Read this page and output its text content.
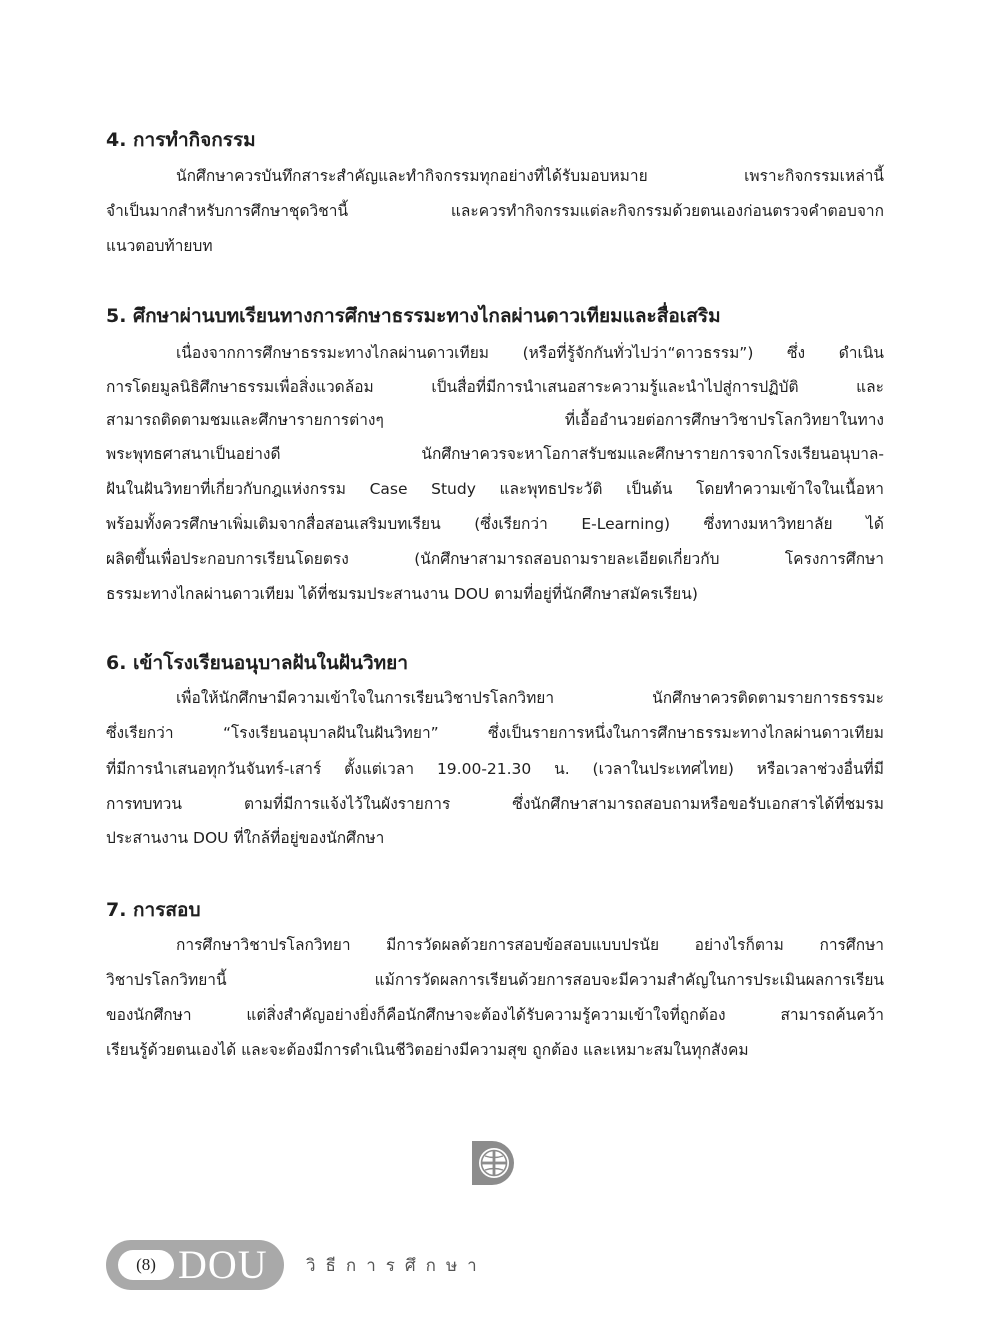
4. การทำกิจกรรม
นักศึกษาควรบันทึกสาระสำคัญและทำกิจกรรมทุกอย่างที่ได้รับมอบหมาย เพราะกิจกรรมเหล่านี้
จำเป็นมากสำหรับการศึกษาชุดวิชานี้ และควรทำกิจกรรมแต่ละกิจกรรมด้วยตนเองก่อนตรวจคำตอบจาก
แนวตอบท้ายบท
5. ศึกษาผ่านบทเรียนทางการศึกษาธรรมะทางไกลผ่านดาวเทียมและสื่อเสริม
เนื่องจากการศึกษาธรรมะทางไกลผ่านดาวเทียม (หรือที่รู้จักกันทั่วไปว่า“ดาวธรรม”) ซึ่ง ดำเนิน
การโดยมูลนิธิศึกษาธรรมเพื่อสิ่งแวดล้อม เป็นสื่อที่มีการนำเสนอสาระความรู้และนำไปสู่การปฏิบัติ และ
สามารถติดตามชมและศึกษารายการต่างๆ ที่เอื้ออำนวยต่อการศึกษาวิชาปรโลกวิทยาในทาง
พระพุทธศาสนาเป็นอย่างดี นักศึกษาควรจะหาโอกาสรับชมและศึกษารายการจากโรงเรียนอนุบาล-
ฝันในฝันวิทยาที่เกี่ยวกับกฎแห่งกรรม Case Study และพุทธประวัติ เป็นต้น โดยทำความเข้าใจในเนื้อหา
พร้อมทั้งควรศึกษาเพิ่มเติมจากสื่อสอนเสริมบทเรียน (ซึ่งเรียกว่า E-Learning) ซึ่งทางมหาวิทยาลัย ได้
ผลิตขึ้นเพื่อประกอบการเรียนโดยตรง (นักศึกษาสามารถสอบถามรายละเอียดเกี่ยวกับ โครงการศึกษา
ธรรมะทางไกลผ่านดาวเทียม ได้ที่ชมรมประสานงาน DOU ตามที่อยู่ที่นักศึกษาสมัครเรียน)
6. เข้าโรงเรียนอนุบาลฝันในฝันวิทยา
เพื่อให้นักศึกษามีความเข้าใจในการเรียนวิชาปรโลกวิทยา นักศึกษาควรติดตามรายการธรรมะ
ซึ่งเรียกว่า “โรงเรียนอนุบาลฝันในฝันวิทยา” ซึ่งเป็นรายการหนึ่งในการศึกษาธรรมะทางไกลผ่านดาวเทียม
ที่มีการนำเสนอทุกวันจันทร์-เสาร์ ตั้งแต่เวลา 19.00-21.30 น. (เวลาในประเทศไทย) หรือเวลาช่วงอื่นที่มี
การทบทวน ตามที่มีการแจ้งไว้ในผังรายการ ซึ่งนักศึกษาสามารถสอบถามหรือขอรับเอกสารได้ที่ชมรม
ประสานงาน DOU ที่ใกล้ที่อยู่ของนักศึกษา
7. การสอบ
การศึกษาวิชาปรโลกวิทยา มีการวัดผลด้วยการสอบข้อสอบแบบปรนัย อย่างไรก็ตาม การศึกษา
วิชาปรโลกวิทยานี้ แม้การวัดผลการเรียนด้วยการสอบจะมีความสำคัญในการประเมินผลการเรียน
ของนักศึกษา แต่สิ่งสำคัญอย่างยิ่งก็คือนักศึกษาจะต้องได้รับความรู้ความเข้าใจที่ถูกต้อง สามารถค้นคว้า
เรียนรู้ด้วยตนเองได้ และจะต้องมีการดำเนินชีวิตอย่างมีความสุข ถูกต้อง และเหมาะสมในทุกสังคม
(8) DOU วิธีการศึกษา
